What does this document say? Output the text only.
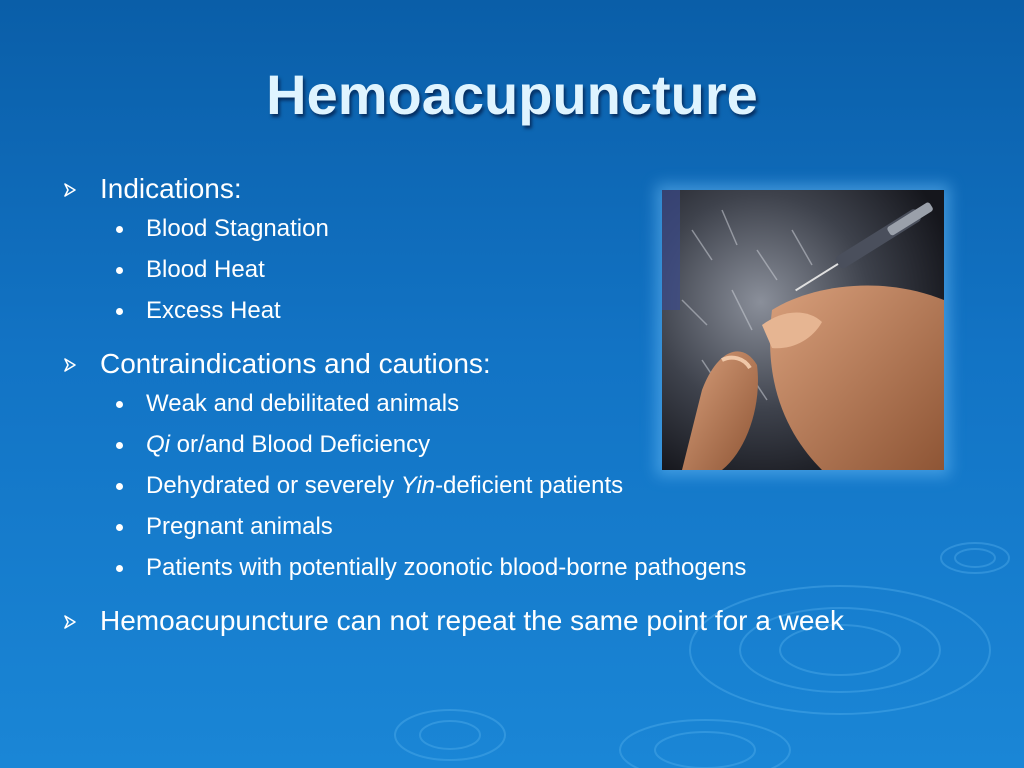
Hemoacupuncture
Indications:
Blood Stagnation
Blood Heat
Excess Heat
Contraindications and cautions:
Weak and debilitated animals
Qi or/and Blood Deficiency
Dehydrated or severely Yin-deficient patients
Pregnant animals
Patients with potentially zoonotic blood-borne pathogens
Hemoacupuncture can not repeat the same point for a week
